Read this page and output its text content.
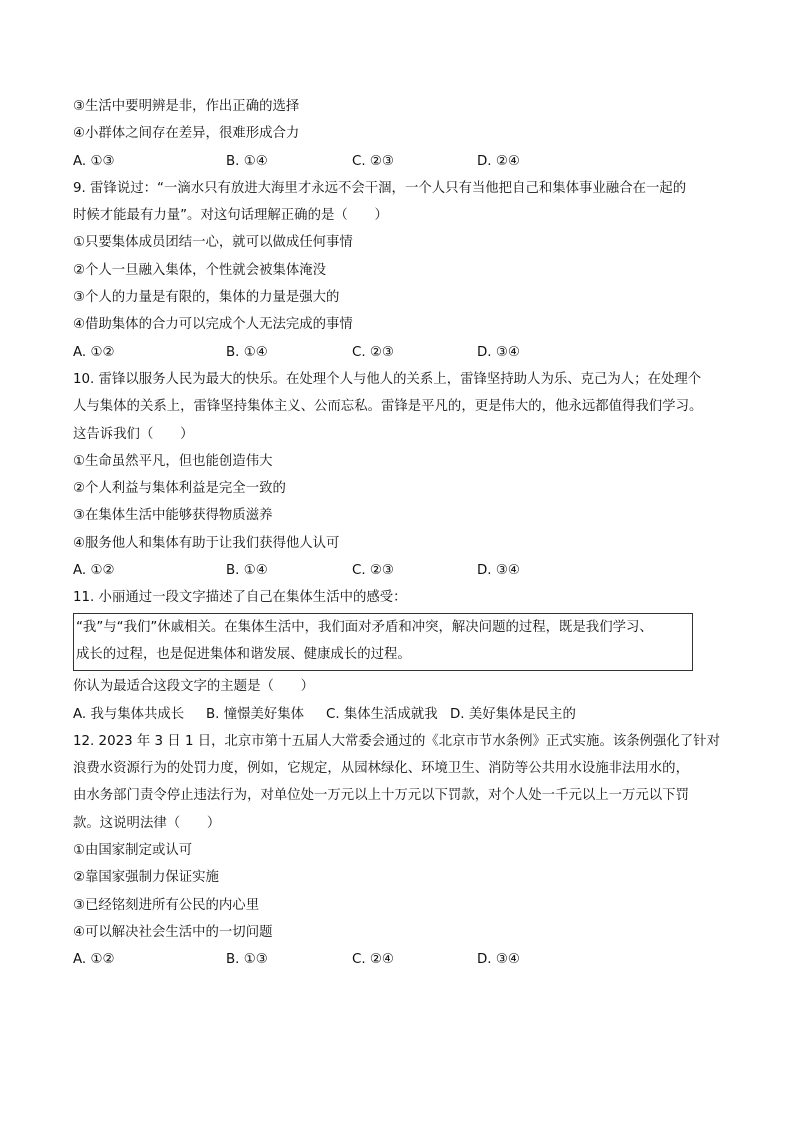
③生活中要明辨是非，作出正确的选择
④小群体之间存在差异，很难形成合力
A. ①③	B. ①④	C. ②③	D. ②④
9. 雷锋说过：“一滴水只有放进大海里才永远不会干涸，一个人只有当他把自己和集体事业融合在一起的
时候才能最有力量”。对这句话理解正确的是（　　）
①只要集体成员团结一心，就可以做成任何事情
②个人一旦融入集体，个性就会被集体淹没
③个人的力量是有限的，集体的力量是强大的
④借助集体的合力可以完成个人无法完成的事情
A. ①②	B. ①④	C. ②③	D. ③④
10. 雷锋以服务人民为最大的快乐。在处理个人与他人的关系上，雷锋坚持助人为乐、克己为人；在处理个
人与集体的关系上，雷锋坚持集体主义、公而忘私。雷锋是平凡的，更是伟大的，他永远都值得我们学习。
这告诉我们（　　）
①生命虽然平凡，但也能创造伟大
②个人利益与集体利益是完全一致的
③在集体生活中能够获得物质滋养
④服务他人和集体有助于让我们获得他人认可
A. ①②	B. ①④	C. ②③	D. ③④
11. 小丽通过一段文字描述了自己在集体生活中的感受：
“我”与“我们”休戚相关。在集体生活中，我们面对矛盾和冲突，解决问题的过程，既是我们学习、
成长的过程，也是促进集体和谐发展、健康成长的过程。
你认为最适合这段文字的主题是（　　）
A. 我与集体共成长 B. 憧憬美好集体 C. 集体生活成就我 D. 美好集体是民主的
12. 2023 年 3 日 1 日，北京市第十五届人大常委会通过的《北京市节水条例》正式实施。该条例强化了针对
浪费水资源行为的处罚力度，例如，它规定，从园林绿化、环境卫生、消防等公共用水设施非法用水的，
由水务部门责令停止违法行为，对单位处一万元以上十万元以下罚款，对个人处一千元以上一万元以下罚
款。这说明法律（　　）
①由国家制定或认可
②靠国家强制力保证实施
③已经铭刻进所有公民的内心里
④可以解决社会生活中的一切问题
A. ①②	B. ①③	C. ②④	D. ③④
